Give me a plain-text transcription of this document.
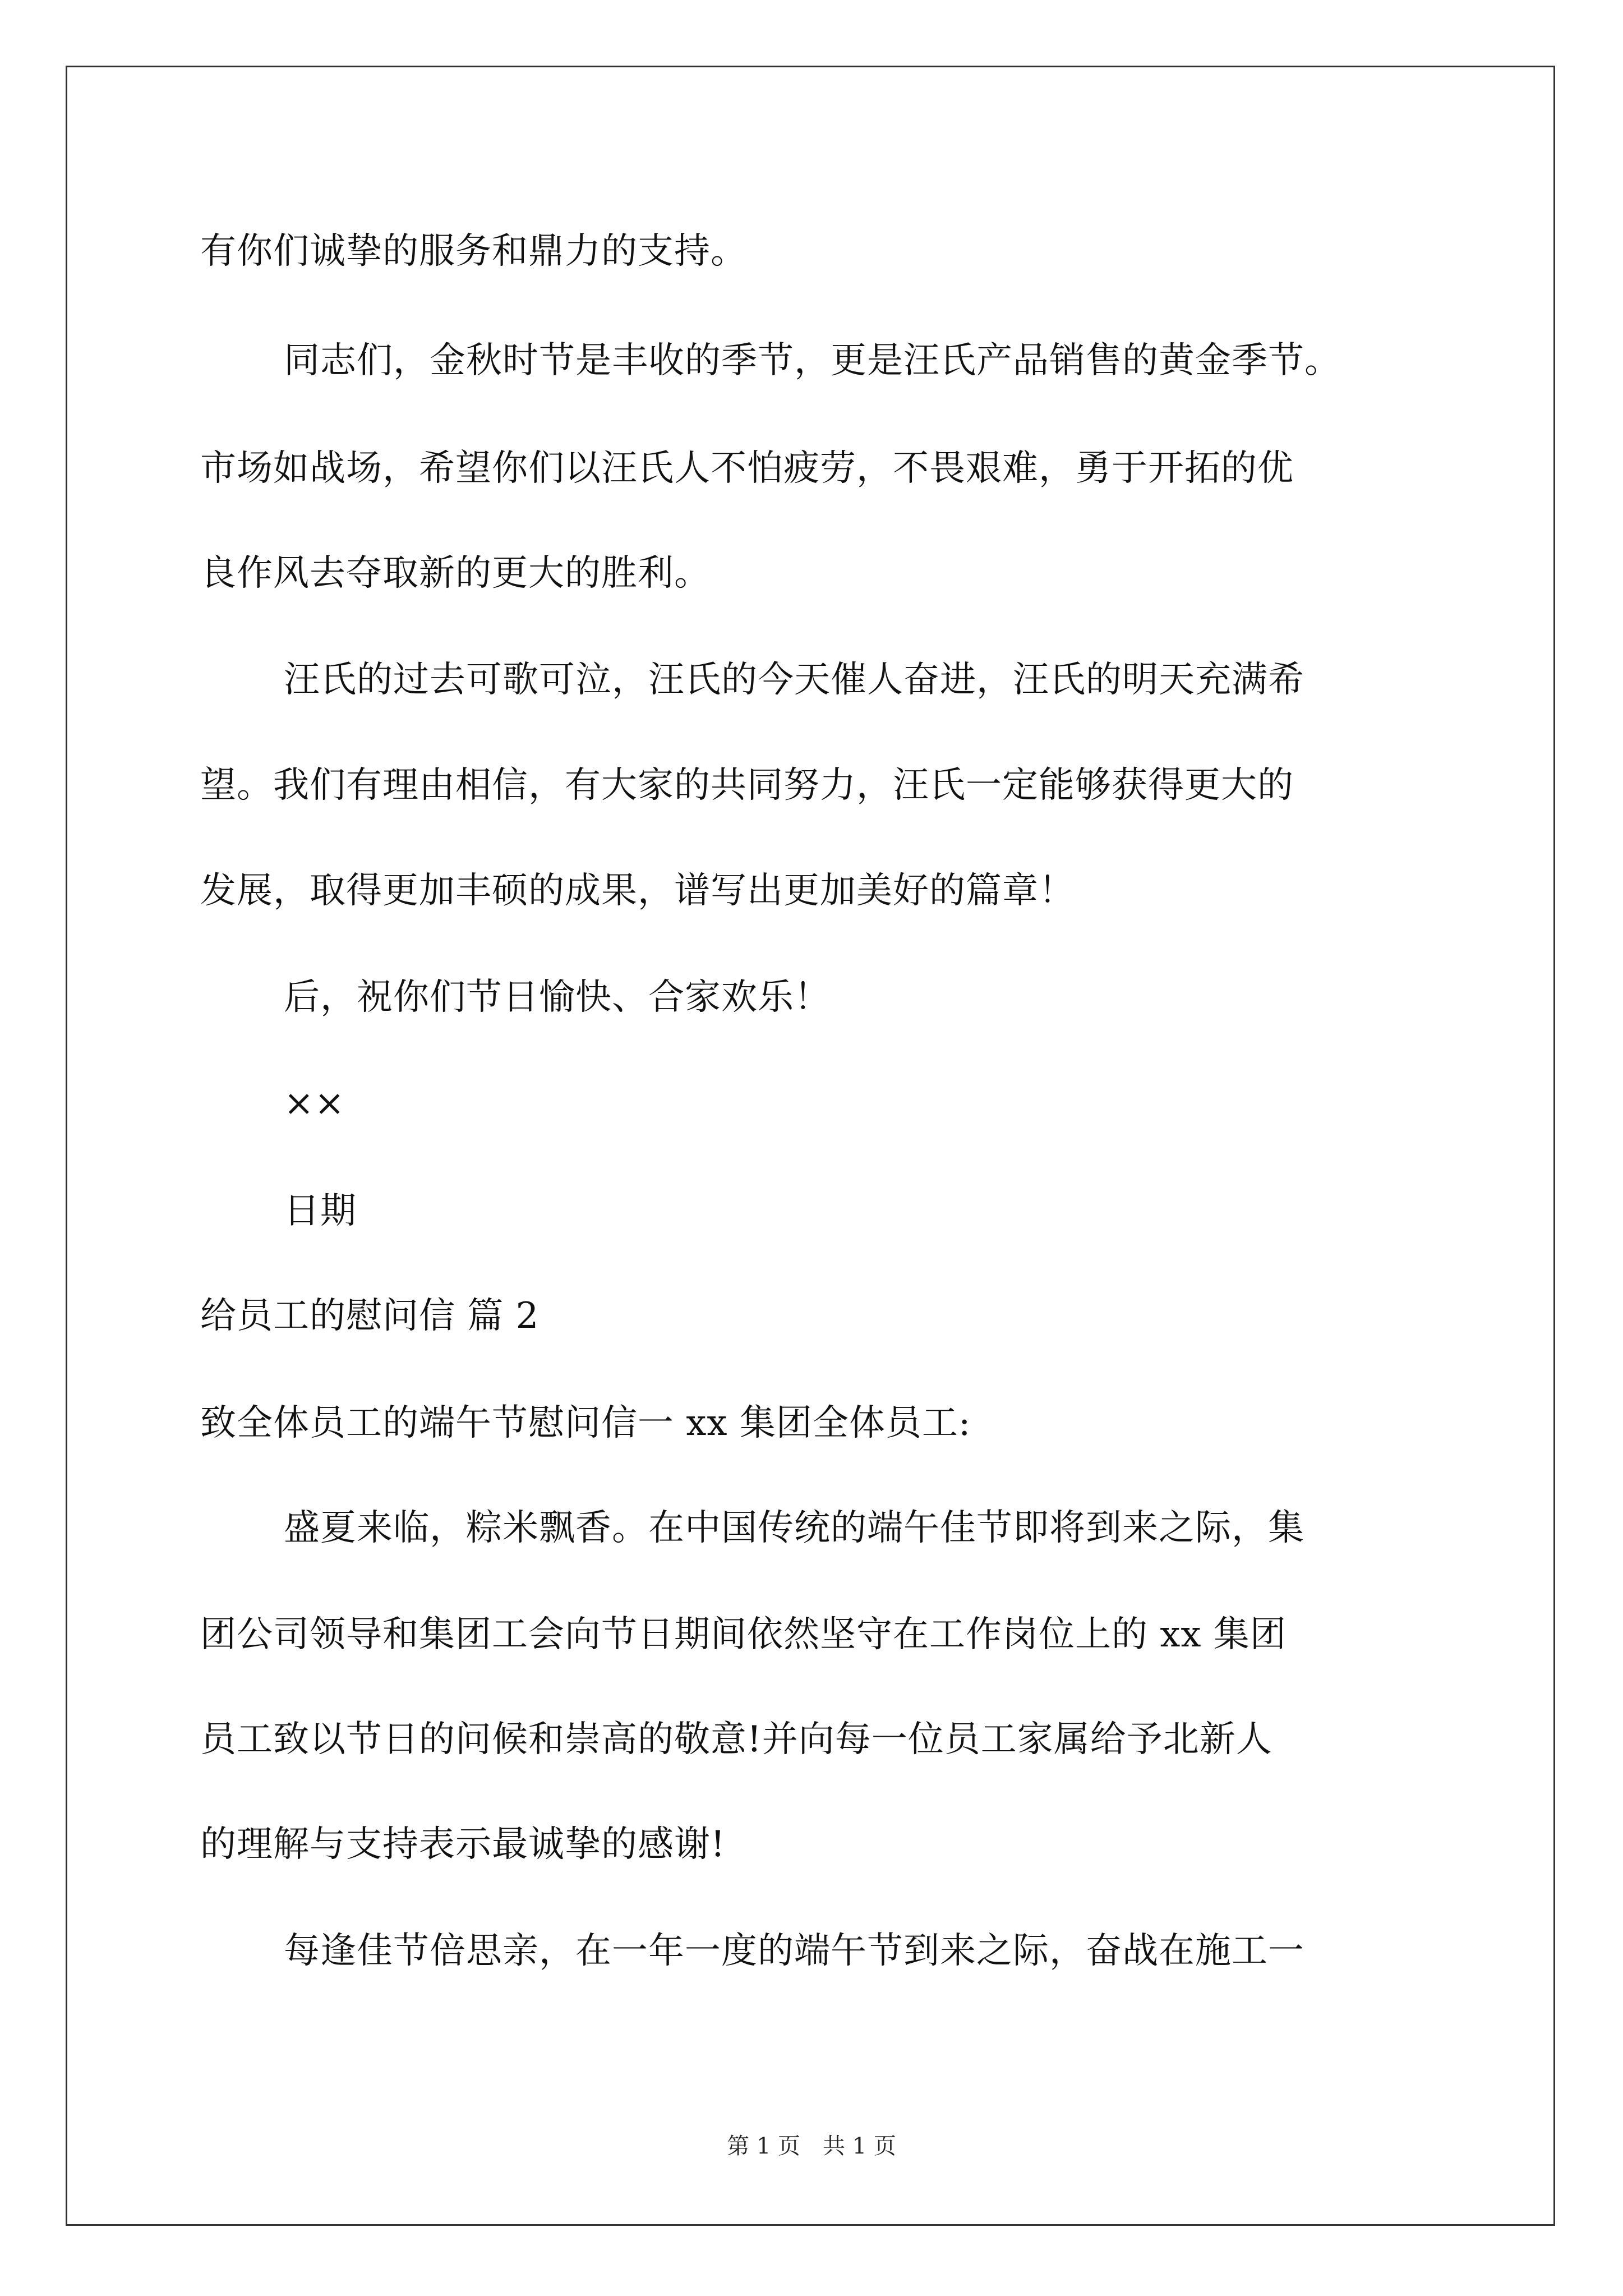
有你们诚挚的服务和鼎力的支持。
同志们，金秋时节是丰收的季节，更是汪氏产品销售的黄金季节。
市场如战场，希望你们以汪氏人不怕疲劳，不畏艰难，勇于开拓的优
良作风去夺取新的更大的胜利。
汪氏的过去可歌可泣，汪氏的今天催人奋进，汪氏的明天充满希
望。我们有理由相信，有大家的共同努力，汪氏一定能够获得更大的
发展，取得更加丰硕的成果，谱写出更加美好的篇章！
后，祝你们节日愉快、合家欢乐！
××
日期
给员工的慰问信 篇 2
致全体员工的端午节慰问信一 xx 集团全体员工:
盛夏来临，粽米飘香。在中国传统的端午佳节即将到来之际，集
团公司领导和集团工会向节日期间依然坚守在工作岗位上的 xx 集团
员工致以节日的问候和崇高的敬意!并向每一位员工家属给予北新人
的理解与支持表示最诚挚的感谢!
每逢佳节倍思亲，在一年一度的端午节到来之际，奋战在施工一
第 1 页　共 1 页
